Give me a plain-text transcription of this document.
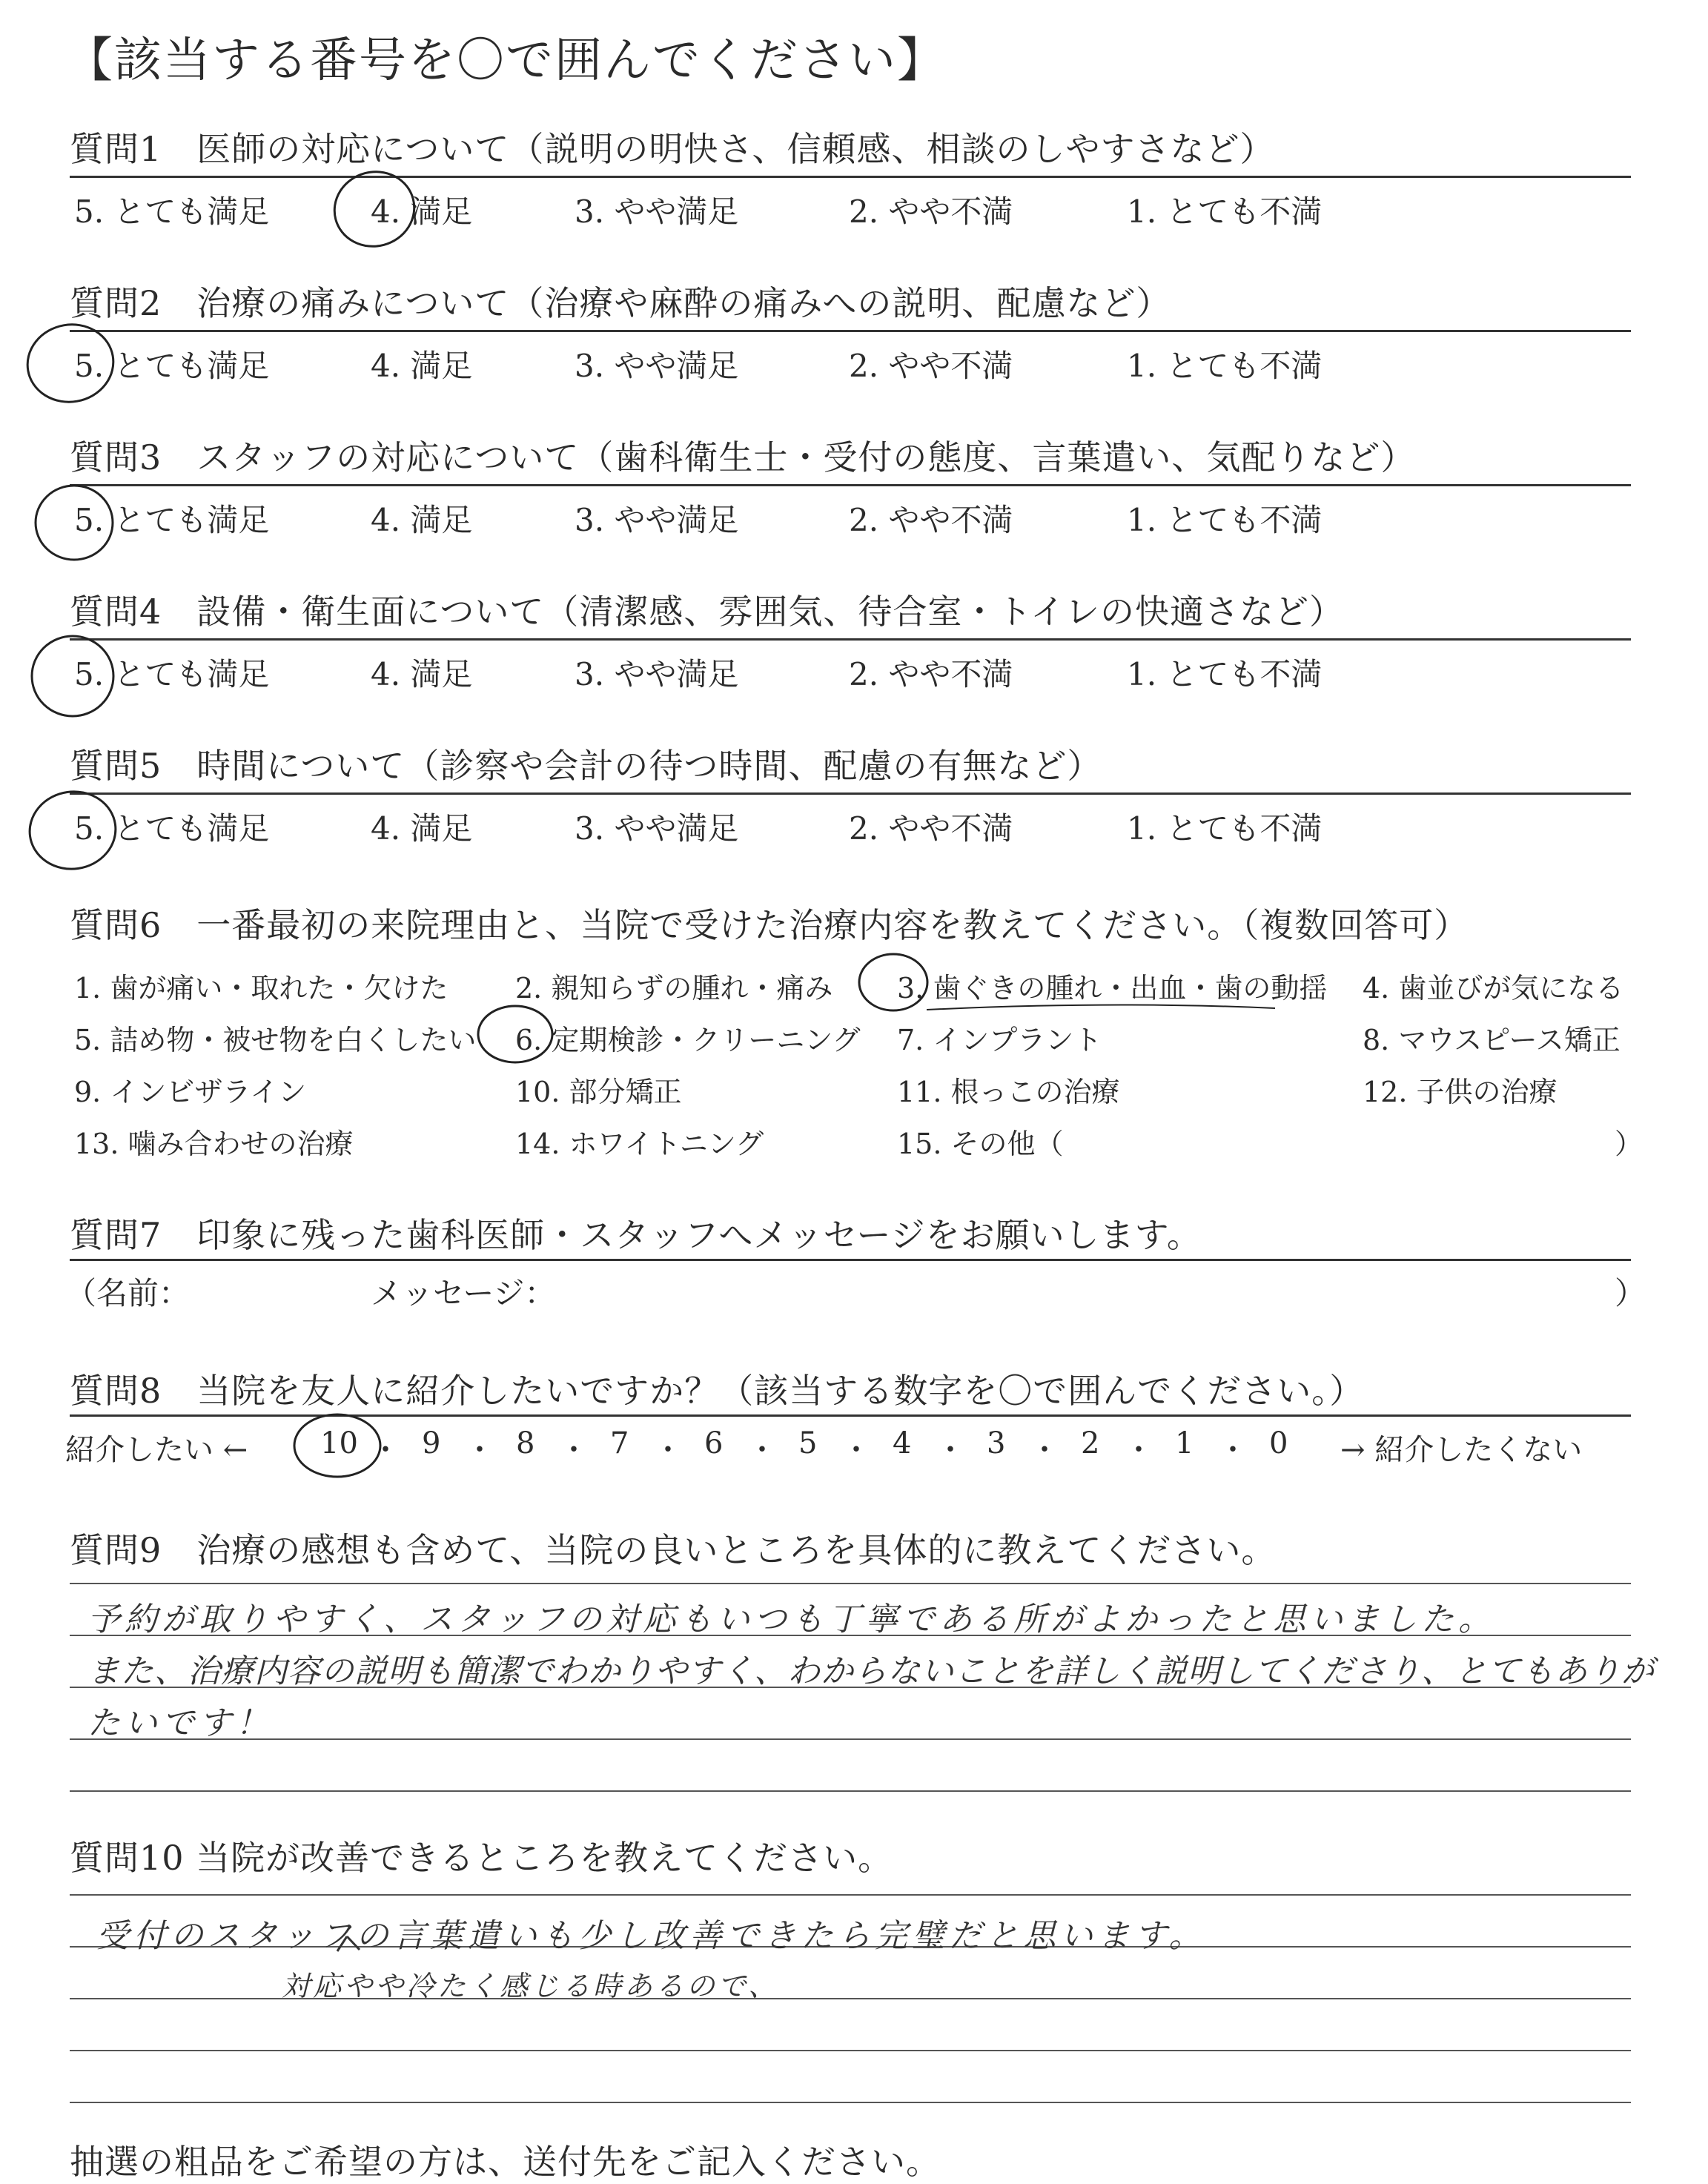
【該当する番号を〇で囲んでください】
質問1　医師の対応について（説明の明快さ、信頼感、相談のしやすさなど）
5. とても満足	4. 満足	3. やや満足	2. やや不満	1. とても不満
質問2　治療の痛みについて（治療や麻酔の痛みへの説明、配慮など）
5. とても満足	4. 満足	3. やや満足	2. やや不満	1. とても不満
質問3　スタッフの対応について（歯科衛生士・受付の態度、言葉遣い、気配りなど）
5. とても満足	4. 満足	3. やや満足	2. やや不満	1. とても不満
質問4　設備・衛生面について（清潔感、雰囲気、待合室・トイレの快適さなど）
5. とても満足	4. 満足	3. やや満足	2. やや不満	1. とても不満
質問5　時間について（診察や会計の待つ時間、配慮の有無など）
5. とても満足	4. 満足	3. やや満足	2. やや不満	1. とても不満
質問6　一番最初の来院理由と、当院で受けた治療内容を教えてください。（複数回答可）
1. 歯が痛い・取れた・欠けた 2. 親知らずの腫れ・痛み 3. 歯ぐきの腫れ・出血・歯の動揺 4. 歯並びが気になる
5. 詰め物・被せ物を白くしたい 6. 定期検診・クリーニング 7. インプラント	8. マウスピース矯正
9. インビザライン	10. 部分矯正	11. 根っこの治療	12. 子供の治療
13. 噛み合わせの治療	14. ホワイトニング	15. その他（	）
質問7　印象に残った歯科医師・スタッフへメッセージをお願いします。
（名前：	メッセージ：	）
質問8　当院を友人に紹介したいですか？（該当する数字を〇で囲んでください。）
紹介したい ← 10 ・ 9 ・ 8 ・ 7 ・ 6 ・ 5 ・ 4 ・ 3 ・ 2 ・ 1 ・ 0 → 紹介したくない
質問9　治療の感想も含めて、当院の良いところを具体的に教えてください。
予約が取りやすく、スタッフの対応もいつも丁寧である所がよかったと思いました。
また、治療内容の説明も簡潔でわかりやすく、わからないことを詳しく説明してくださり、とてもありが
たいです！
質問10 当院が改善できるところを教えてください。
受付のスタッフの言葉遣いも少し改善できたら完璧だと思います。
対応やや冷たく感じる時あるので、
抽選の粗品をご希望の方は、送付先をご記入ください。
